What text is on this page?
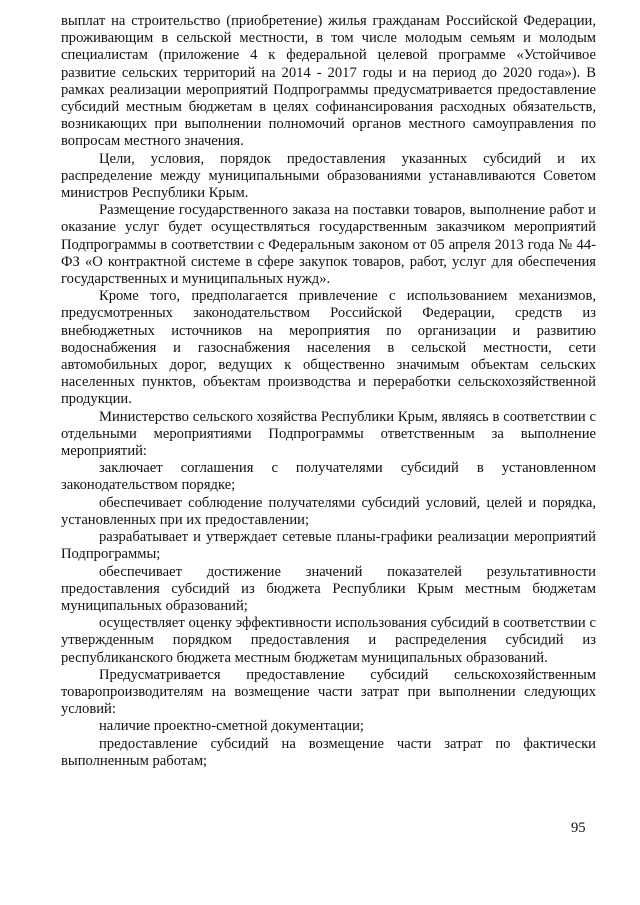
выплат на строительство (приобретение) жилья гражданам Российской Федерации, проживающим в сельской местности, в том числе молодым семьям и молодым специалистам (приложение 4 к федеральной целевой программе «Устойчивое развитие сельских территорий на 2014 - 2017 годы и на период до 2020 года»). В рамках реализации мероприятий Подпрограммы предусматривается предоставление субсидий местным бюджетам в целях софинансирования расходных обязательств, возникающих при выполнении полномочий органов местного самоуправления по вопросам местного значения.

Цели, условия, порядок предоставления указанных субсидий и их распределение между муниципальными образованиями устанавливаются Советом министров Республики Крым.

Размещение государственного заказа на поставки товаров, выполнение работ и оказание услуг будет осуществляться государственным заказчиком мероприятий Подпрограммы в соответствии с Федеральным законом от 05 апреля 2013 года № 44-ФЗ «О контрактной системе в сфере закупок товаров, работ, услуг для обеспечения государственных и муниципальных нужд».

Кроме того, предполагается привлечение с использованием механизмов, предусмотренных законодательством Российской Федерации, средств из внебюджетных источников на мероприятия по организации и развитию водоснабжения и газоснабжения населения в сельской местности, сети автомобильных дорог, ведущих к общественно значимым объектам сельских населенных пунктов, объектам производства и переработки сельскохозяйственной продукции.

Министерство сельского хозяйства Республики Крым, являясь в соответствии с отдельными мероприятиями Подпрограммы ответственным за выполнение мероприятий:

заключает соглашения с получателями субсидий в установленном законодательством порядке;

обеспечивает соблюдение получателями субсидий условий, целей и порядка, установленных при их предоставлении;

разрабатывает и утверждает сетевые планы-графики реализации мероприятий Подпрограммы;

обеспечивает достижение значений показателей результативности предоставления субсидий из бюджета Республики Крым местным бюджетам муниципальных образований;

осуществляет оценку эффективности использования субсидий в соответствии с утвержденным порядком предоставления и распределения субсидий из республиканского бюджета местным бюджетам муниципальных образований.

Предусматривается предоставление субсидий сельскохозяйственным товаропроизводителям на возмещение части затрат при выполнении следующих условий:

наличие проектно-сметной документации;

предоставление субсидий на возмещение части затрат по фактически выполненным работам;

95
